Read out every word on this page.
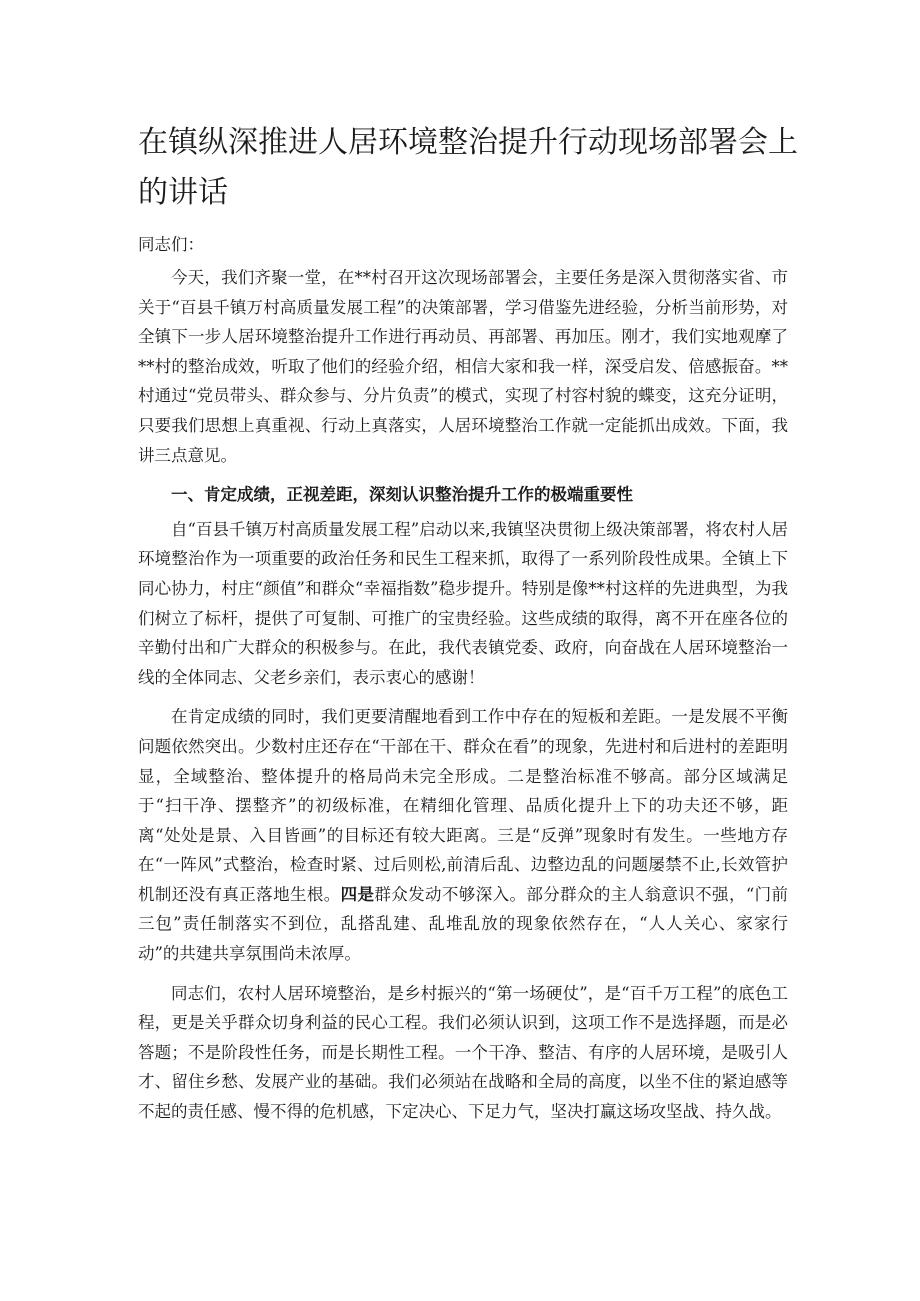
在镇纵深推进人居环境整治提升行动现场部署会上的讲话

同志们：

今天，我们齐聚一堂，在**村召开这次现场部署会，主要任务是深入贯彻落实省、市关于“百县千镇万村高质量发展工程”的决策部署，学习借鉴先进经验，分析当前形势，对全镇下一步人居环境整治提升工作进行再动员、再部署、再加压。刚才，我们实地观摩了**村的整治成效，听取了他们的经验介绍，相信大家和我一样，深受启发、倍感振奋。**村通过“党员带头、群众参与、分片负责”的模式，实现了村容村貌的蝶变，这充分证明，只要我们思想上真重视、行动上真落实，人居环境整治工作就一定能抓出成效。下面，我讲三点意见。

一、肯定成绩，正视差距，深刻认识整治提升工作的极端重要性

自“百县千镇万村高质量发展工程”启动以来,我镇坚决贯彻上级决策部署，将农村人居环境整治作为一项重要的政治任务和民生工程来抓，取得了一系列阶段性成果。全镇上下同心协力，村庄“颜值”和群众“幸福指数”稳步提升。特别是像**村这样的先进典型，为我们树立了标杆，提供了可复制、可推广的宝贵经验。这些成绩的取得，离不开在座各位的辛勤付出和广大群众的积极参与。在此，我代表镇党委、政府，向奋战在人居环境整治一线的全体同志、父老乡亲们，表示衷心的感谢！

在肯定成绩的同时，我们更要清醒地看到工作中存在的短板和差距。一是发展不平衡问题依然突出。少数村庄还存在“干部在干、群众在看”的现象，先进村和后进村的差距明显，全域整治、整体提升的格局尚未完全形成。二是整治标准不够高。部分区域满足于“扫干净、摆整齐”的初级标准，在精细化管理、品质化提升上下的功夫还不够，距离“处处是景、入目皆画”的目标还有较大距离。三是“反弹”现象时有发生。一些地方存在“一阵风”式整治，检查时紧、过后则松,前清后乱、边整边乱的问题屡禁不止,长效管护机制还没有真正落地生根。四是群众发动不够深入。部分群众的主人翁意识不强，“门前三包”责任制落实不到位，乱搭乱建、乱堆乱放的现象依然存在，“人人关心、家家行动”的共建共享氛围尚未浓厚。

同志们，农村人居环境整治，是乡村振兴的“第一场硬仗”，是“百千万工程”的底色工程，更是关乎群众切身利益的民心工程。我们必须认识到，这项工作不是选择题，而是必答题；不是阶段性任务，而是长期性工程。一个干净、整洁、有序的人居环境，是吸引人才、留住乡愁、发展产业的基础。我们必须站在战略和全局的高度，以坐不住的紧迫感等不起的责任感、慢不得的危机感，下定决心、下足力气，坚决打赢这场攻坚战、持久战。
